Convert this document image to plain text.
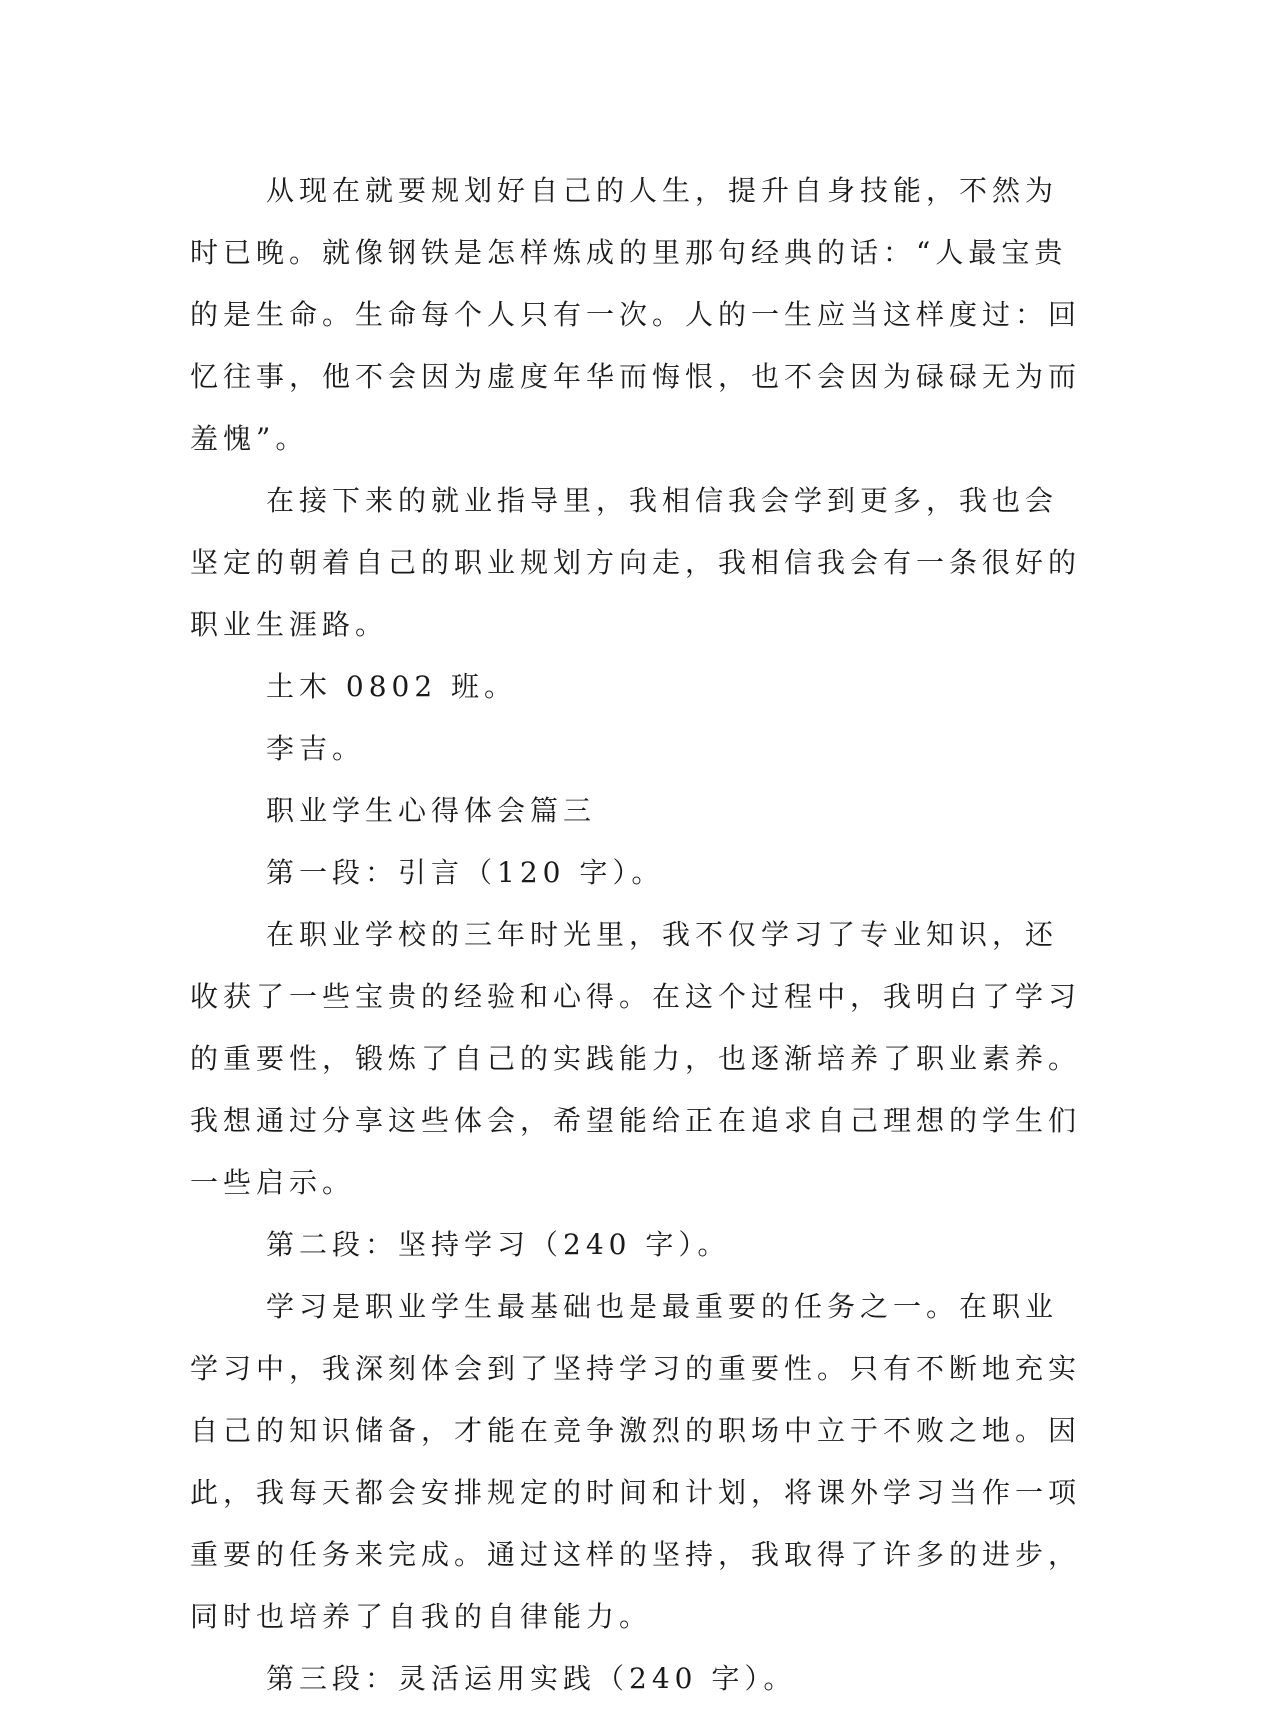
从现在就要规划好自己的人生，提升自身技能，不然为时已晚。就像钢铁是怎样炼成的里那句经典的话：“人最宝贵的是生命。生命每个人只有一次。人的一生应当这样度过：回忆往事，他不会因为虚度年华而悔恨，也不会因为碌碌无为而羞愧”。

在接下来的就业指导里，我相信我会学到更多，我也会坚定的朝着自己的职业规划方向走，我相信我会有一条很好的职业生涯路。

土木 0802 班。

李吉。

职业学生心得体会篇三

第一段：引言（120 字）。

在职业学校的三年时光里，我不仅学习了专业知识，还收获了一些宝贵的经验和心得。在这个过程中，我明白了学习的重要性，锻炼了自己的实践能力，也逐渐培养了职业素养。我想通过分享这些体会，希望能给正在追求自己理想的学生们一些启示。

第二段：坚持学习（240 字）。

学习是职业学生最基础也是最重要的任务之一。在职业学习中，我深刻体会到了坚持学习的重要性。只有不断地充实自己的知识储备，才能在竞争激烈的职场中立于不败之地。因此，我每天都会安排规定的时间和计划，将课外学习当作一项重要的任务来完成。通过这样的坚持，我取得了许多的进步，同时也培养了自我的自律能力。

第三段：灵活运用实践（240 字）。
